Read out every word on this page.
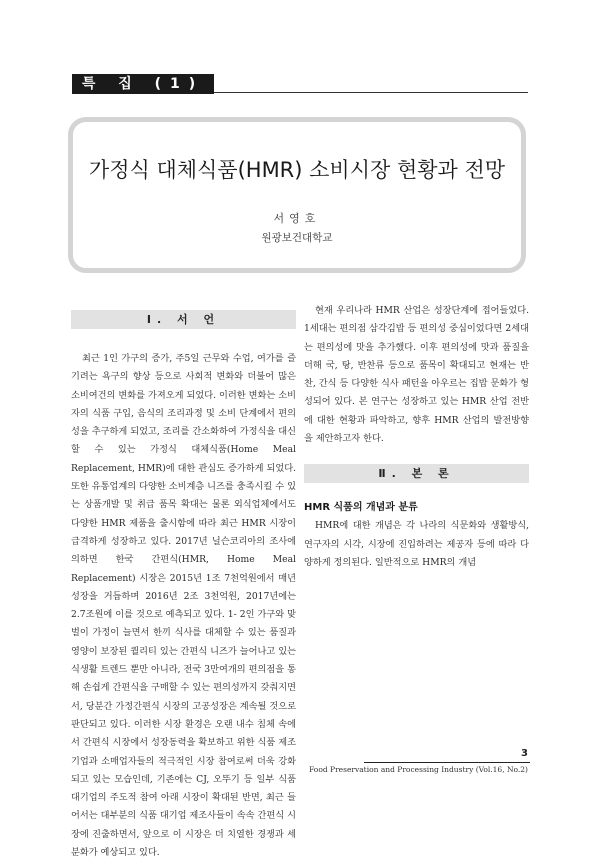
특 집 (1)
가정식 대체식품(HMR) 소비시장 현황과 전망
서영호
원광보건대학교
Ⅰ. 서 언

최근 1인 가구의 증가, 주5일 근무와 수업, 여가를 즐기려는 욕구의 향상 등으로 사회적 변화와 더불어 많은 소비여건의 변화를 가져오게 되었다. 이러한 변화는 소비자의 식품 구입, 음식의 조리과정 및 소비 단계에서 편의성을 추구하게 되었고, 조리를 간소화하여 가정식을 대신할 수 있는 가정식 대체식품(Home Meal Replacement, HMR)에 대한 관심도 증가하게 되었다. 또한 유통업계의 다양한 소비계층 니즈를 충족시킬 수 있는 상품개발 및 취급 품목 확대는 물론 외식업체에서도 다양한 HMR 제품을 출시함에 따라 최근 HMR 시장이 급격하게 성장하고 있다. 2017년 닐슨코리아의 조사에 의하면 한국 간편식(HMR, Home Meal Replacement) 시장은 2015년 1조 7천억원에서 매년 성장을 거듭하며 2016년 2조 3천억원, 2017년에는 2.7조원에 이를 것으로 예측되고 있다. 1- 2인 가구와 맞벌이 가정이 늘면서 한끼 식사를 대체할 수 있는 품질과 영양이 보장된 퀄리티 있는 간편식 니즈가 늘어나고 있는 식생활 트렌드 뿐만 아니라, 전국 3만여개의 편의점을 통해 손쉽게 간편식을 구매할 수 있는 편의성까지 갖춰지면서, 당분간 가정간편식 시장의 고공성장은 계속될 것으로 판단되고 있다. 이러한 시장 환경은 오랜 내수 침체 속에서 간편식 시장에서 성장동력을 확보하고 위한 식품 제조기업과 소매업자들의 적극적인 시장 참여로써 더욱 강화되고 있는 모습인데, 기존에는 CJ, 오뚜기 등 일부 식품 대기업의 주도적 참여 아래 시장이 확대된 반면, 최근 들어서는 대부분의 식품 대기업 제조사들이 속속 간편식 시장에 진출하면서, 앞으로 이 시장은 더 치열한 경쟁과 세분화가 예상되고 있다.

현재 우리나라 HMR 산업은 성장단계에 접어들었다. 1세대는 편의점 삼각김밥 등 편의성 중심이었다면 2세대는 편의성에 맛을 추가했다. 이후 편의성에 맛과 품질을 더해 국, 탕, 반찬류 등으로 품목이 확대되고 현재는 반찬, 간식 등 다양한 식사 패턴을 아우르는 집밥 문화가 형성되어 있다. 본 연구는 성장하고 있는 HMR 산업 전반에 대한 현황과 파악하고, 향후 HMR 산업의 발전방향을 제안하고자 한다.

Ⅱ. 본 론

HMR 식품의 개념과 분류

HMR에 대한 개념은 각 나라의 식문화와 생활방식, 연구자의 시각, 시장에 진입하려는 제공자 등에 따라 다양하게 정의된다. 일반적으로 HMR의 개념

3
Food Preservation and Processing Industry (Vol.16, No.2)
